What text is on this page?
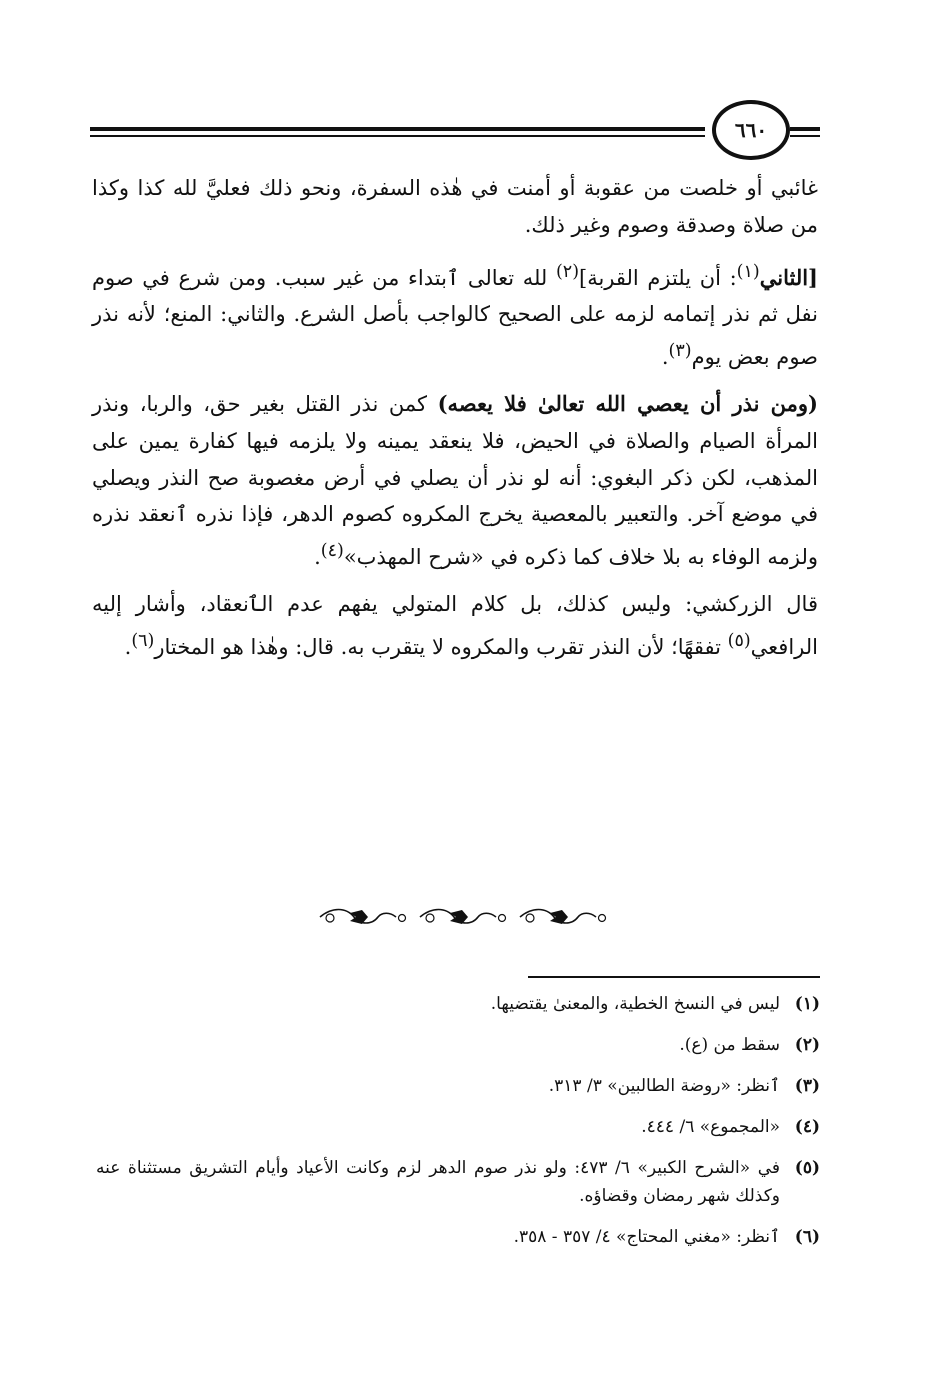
٦٦٠

غائبي أو خلصت من عقوبة أو أمنت في هٰذه السفرة، ونحو ذلك فعليَّ لله كذا وكذا من صلاة وصدقة وصوم وغير ذلك.

[الثاني$^{(١)}$: أن يلتزم القربة]$^{(٢)}$ لله تعالى ٱبتداء من غير سبب. ومن شرع في صوم نفل ثم نذر إتمامه لزمه على الصحيح كالواجب بأصل الشرع. والثاني: المنع؛ لأنه نذر صوم بعض يوم$^{(٣)}$.

(ومن نذر أن يعصي الله تعالىٰ فلا يعصه) كمن نذر القتل بغير حق، والربا، ونذر المرأة الصيام والصلاة في الحيض، فلا ينعقد يمينه ولا يلزمه فيها كفارة يمين على المذهب، لكن ذكر البغوي: أنه لو نذر أن يصلي في أرض مغصوبة صح النذر ويصلي في موضع آخر. والتعبير بالمعصية يخرج المكروه كصوم الدهر، فإذا نذره ٱنعقد نذره ولزمه الوفاء به بلا خلاف كما ذكره في «شرح المهذب»$^{(٤)}$.

قال الزركشي: وليس كذلك، بل كلام المتولي يفهم عدم الٱنعقاد، وأشار إليه الرافعي$^{(٥)}$ تفقهًا؛ لأن النذر تقرب والمكروه لا يتقرب به. قال: وهٰذا هو المختار$^{(٦)}$.

(١)
ليس في النسخ الخطية، والمعنىٰ يقتضيها.
(٢)
سقط من (ع).
(٣)
ٱنظر: «روضة الطالبين» ٣/ ٣١٣.
(٤)
«المجموع» ٦/ ٤٤٤.
(٥)
في «الشرح الكبير» ٦/ ٤٧٣: ولو نذر صوم الدهر لزم وكانت الأعياد وأيام التشريق مستثناة عنه وكذلك شهر رمضان وقضاؤه.
(٦)
ٱنظر: «مغني المحتاج» ٤/ ٣٥٧ - ٣٥٨.
